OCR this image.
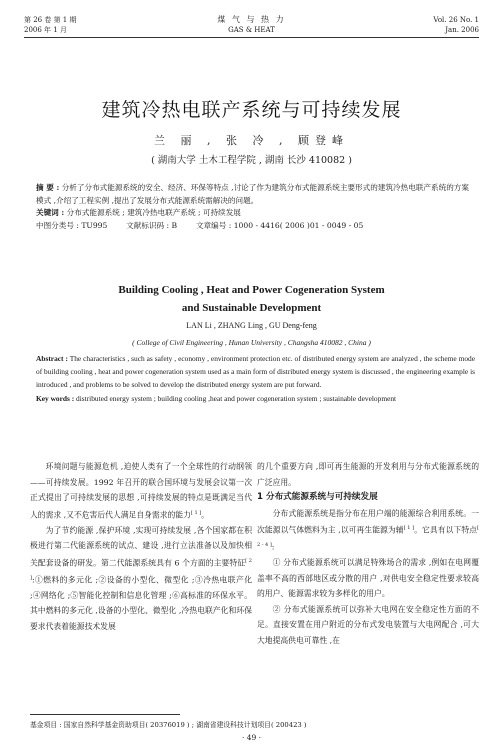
第 26 卷 第 1 期
2006 年 1 月
煤 气 与 热 力
GAS & HEAT
Vol. 26 No. 1
Jan. 2006
建筑冷热电联产系统与可持续发展
兰 丽 , 张 冷 , 顾登峰
( 湖南大学 土木工程学院 , 湖南 长沙 410082 )
摘 要 : 分析了分布式能源系统的安全、经济、环保等特点 ,讨论了作为建筑分布式能源系统主要形式的建筑冷热电联产系统的方案模式 ,介绍了工程实例 ,提出了发展分布式能源系统需解决的问题。
关键词 : 分布式能源系统 ; 建筑冷热电联产系统 ; 可持续发展
中图分类号 : TU995 文献标识码 : B 文章编号 : 1000 - 4416( 2006 )01 - 0049 - 05
Building Cooling , Heat and Power Cogeneration System
and Sustainable Development
LAN Li , ZHANG Ling , GU Deng-feng
( College of Civil Engineering , Hunan University , Changsha 410082 , China )
Abstract : The characteristics , such as safety , economy , environment protection etc. of distributed energy system are analyzed , the scheme mode of building cooling , heat and power cogeneration system used as a main form of distributed energy system is discussed , the engineering example is introduced , and problems to be solved to develop the distributed energy system are put forward.
Key words : distributed energy system ; building cooling ,heat and power cogeneration system ; sustainable development

环境问题与能源危机 ,迫使人类有了一个全球性的行动纲领——可持续发展。1992 年召开的联合国环境与发展会议第一次正式提出了可持续发展的思想 ,可持续发展的特点是既满足当代人的需求 ,又不危害后代人满足自身需求的能力[ 1 ]。

为了节约能源 ,保护环境 ,实现可持续发展 ,各个国家都在积极进行第二代能源系统的试点、建设 ,进行立法准备以及加快相关配套设备的研发。第二代能源系统具有 6 个方面的主要特征[ 2 ]:①燃料的多元化 ;②设备的小型化、微型化 ;③冷热电联产化 ;④网络化 ;⑤智能化控制和信息化管理 ;⑥高标准的环保水平。其中燃料的多元化 ,设备的小型化、微型化 ,冷热电联产化和环保要求代表着能源技术发展

的几个重要方向 ,即可再生能源的开发利用与分布式能源系统的广泛应用。

1 分布式能源系统与可持续发展

分布式能源系统是指分布在用户端的能源综合利用系统。一次能源以气体燃料为主 ,以可再生能源为辅[ 1 ]。它具有以下特点[ 2 - 4 ]:

① 分布式能源系统可以满足特殊场合的需求 ,例如在电网覆盖率不高的西部地区或分散的用户 ,对供电安全稳定性要求较高的用户、能源需求较为多样化的用户。

② 分布式能源系统可以弥补大电网在安全稳定性方面的不足。直接安置在用户附近的分布式发电装置与大电网配合 ,可大大地提高供电可靠性 ,在

基金项目 : 国家自然科学基金资助项目( 20376019 ) ; 湖南省建设科技计划项目( 200423 )
· 49 ·
